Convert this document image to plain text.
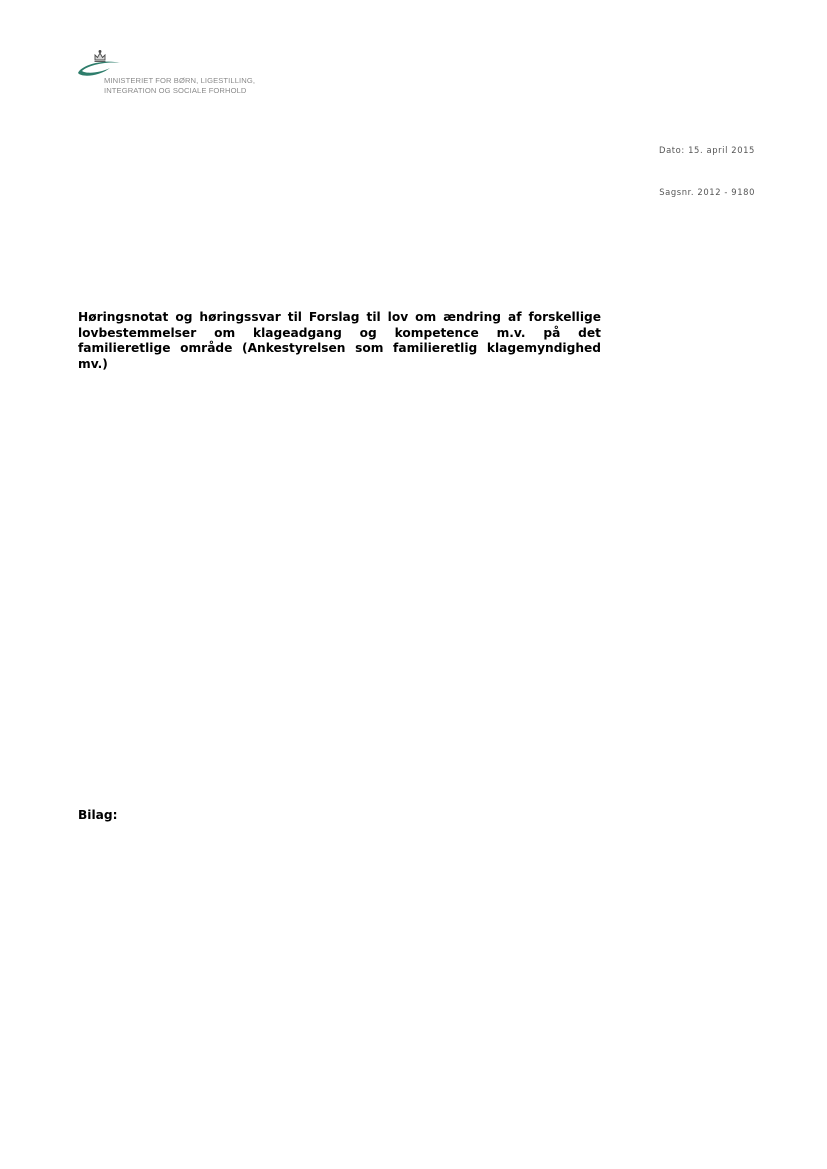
MINISTERIET FOR BØRN, LIGESTILLING,
INTEGRATION OG SOCIALE FORHOLD
Dato: 15. april 2015
Sagsnr. 2012 - 9180

Høringsnotat og høringssvar til Forslag til lov om ændring af forskellige lovbestemmelser om klageadgang og kompetence m.v. på det familieretlige område (Ankestyrelsen som familieretlig klagemyndighed mv.)

Bilag:
